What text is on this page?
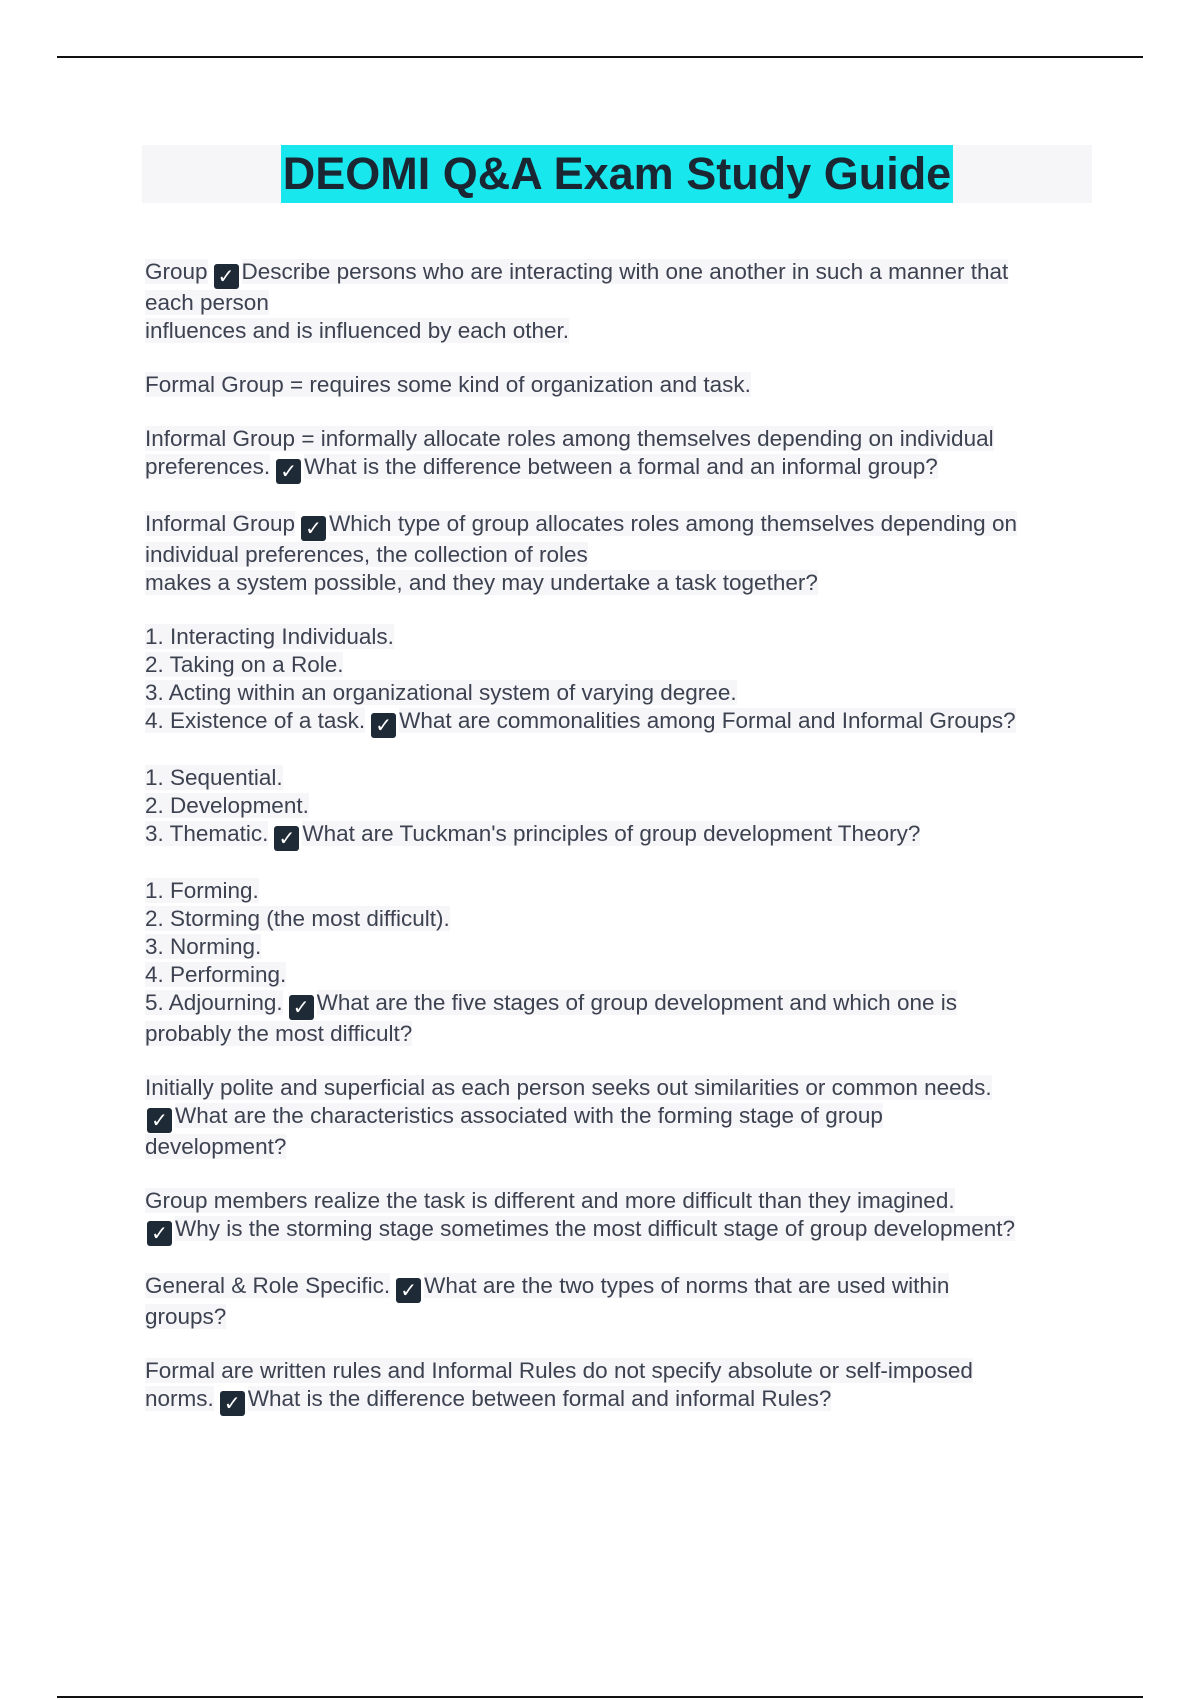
DEOMI Q&A Exam Study Guide
Group ✓ Describe persons who are interacting with one another in such a manner that
each person
influences and is influenced by each other.
Formal Group = requires some kind of organization and task.

Informal Group = informally allocate roles among themselves depending on individual
preferences. ✓ What is the difference between a formal and an informal group?
Informal Group ✓ Which type of group allocates roles among themselves depending on
individual preferences, the collection of roles
makes a system possible, and they may undertake a task together?
1. Interacting Individuals.
2. Taking on a Role.
3. Acting within an organizational system of varying degree.
4. Existence of a task. ✓ What are commonalities among Formal and Informal Groups?
1. Sequential.
2. Development.
3. Thematic. ✓ What are Tuckman's principles of group development Theory?
1. Forming.
2. Storming (the most difficult).
3. Norming.
4. Performing.
5. Adjourning. ✓ What are the five stages of group development and which one is
probably the most difficult?
Initially polite and superficial as each person seeks out similarities or common needs.
✓ What are the characteristics associated with the forming stage of group
development?
Group members realize the task is different and more difficult than they imagined.
✓ Why is the storming stage sometimes the most difficult stage of group development?
General & Role Specific. ✓ What are the two types of norms that are used within
groups?
Formal are written rules and Informal Rules do not specify absolute or self-imposed
norms. ✓ What is the difference between formal and informal Rules?
